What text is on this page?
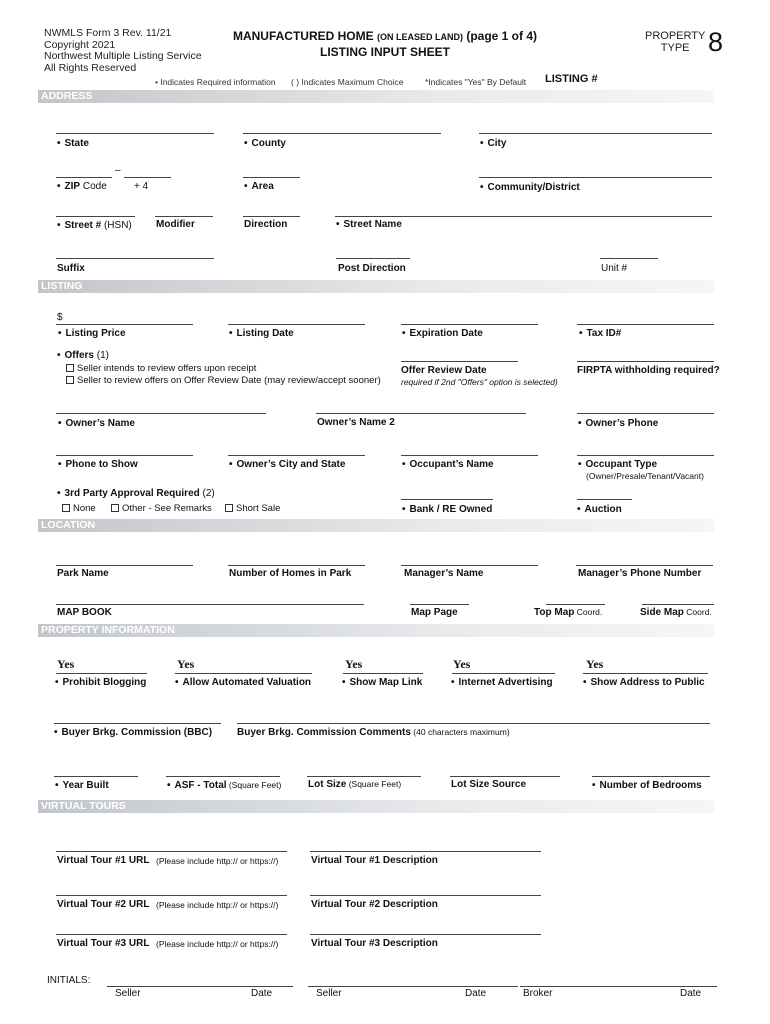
NWMLS Form 3 Rev. 11/21
Copyright 2021
Northwest Multiple Listing Service
All Rights Reserved
MANUFACTURED HOME (ON LEASED LAND) (page 1 of 4)
LISTING INPUT SHEET
PROPERTY
TYPE 8
• Indicates Required information ( ) Indicates Maximum Choice	*Indicates "Yes" By Default LISTING #
ADDRESS
• State	• County	• City
–
• ZIP Code	+ 4	• Area	• Community/District
• Street # (HSN) Modifier	Direction	• Street Name
Suffix	Post Direction	Unit #
LISTING
$
• Listing Price	• Listing Date	• Expiration Date	• Tax ID#
• Offers (1)
Seller intends to review offers upon receipt
Seller to review offers on Offer Review Date (may review/accept sooner)
Offer Review Date
required if 2nd "Offers" option is selected)
FIRPTA withholding required?
• Owner’s Name	Owner’s Name 2	• Owner’s Phone
• Phone to Show	• Owner’s City and State	• Occupant’s Name	• Occupant Type
(Owner/Presale/Tenant/Vacant)
• 3rd Party Approval Required (2)
None	Other - See Remarks	Short Sale	• Bank / RE Owned	• Auction
LOCATION
Park Name	Number of Homes in Park	Manager’s Name	Manager’s Phone Number
MAP BOOK	Map Page	Top Map Coord.	Side Map Coord.
PROPERTY INFORMATION
Yes	Yes	Yes	Yes	Yes
• Prohibit Blogging	• Allow Automated Valuation	• Show Map Link	• Internet Advertising	• Show Address to Public
• Buyer Brkg. Commission (BBC) Buyer Brkg. Commission Comments (40 characters maximum)
• Year Built	• ASF - Total (Square Feet)	Lot Size (Square Feet)	Lot Size Source	• Number of Bedrooms
VIRTUAL TOURS
Virtual Tour #1 URL (Please include http:// or https://)	Virtual Tour #1 Description
Virtual Tour #2 URL (Please include http:// or https://)	Virtual Tour #2 Description
Virtual Tour #3 URL (Please include http:// or https://)	Virtual Tour #3 Description
INITIALS:
Seller	Date	Seller	Date	Broker	Date
